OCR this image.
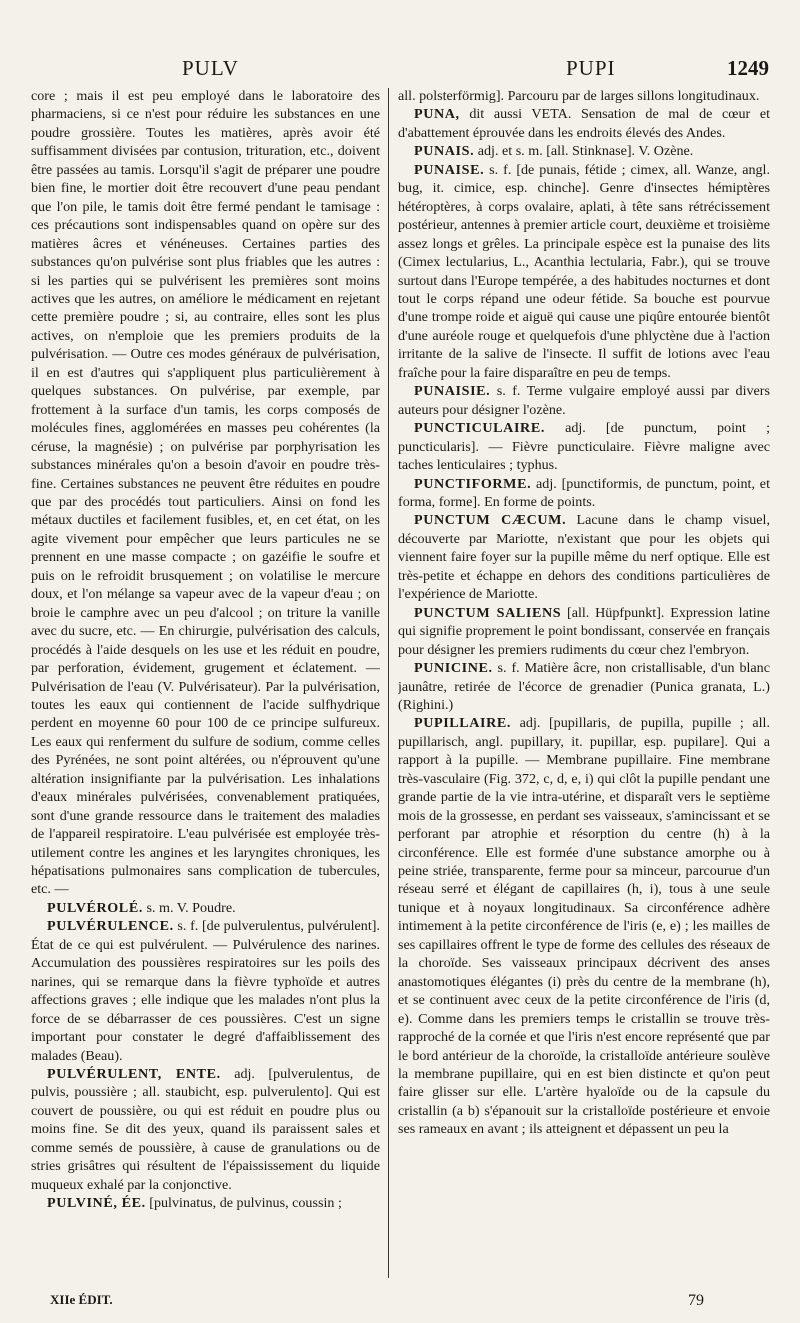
PULV	PUPI	1249

core ; mais il est peu employé dans le laboratoire des pharmaciens, si ce n'est pour réduire les substances en une poudre grossière. Toutes les matières, après avoir été suffisamment divisées par contusion, trituration, etc., doivent être passées au tamis. Lorsqu'il s'agit de préparer une poudre bien fine, le mortier doit être recouvert d'une peau pendant que l'on pile, le tamis doit être fermé pendant le tamisage : ces précautions sont indispensables quand on opère sur des matières âcres et vénéneuses. Certaines parties des substances qu'on pulvérise sont plus friables que les autres : si les parties qui se pulvérisent les premières sont moins actives que les autres, on améliore le médicament en rejetant cette première poudre ; si, au contraire, elles sont les plus actives, on n'emploie que les premiers produits de la pulvérisation. — Outre ces modes généraux de pulvérisation, il en est d'autres qui s'appliquent plus particulièrement à quelques substances. On pulvérise, par exemple, par frottement à la surface d'un tamis, les corps composés de molécules fines, agglomérées en masses peu cohérentes (la céruse, la magnésie) ; on pulvérise par porphyrisation les substances minérales qu'on a besoin d'avoir en poudre très-fine. Certaines substances ne peuvent être réduites en poudre que par des procédés tout particuliers. Ainsi on fond les métaux ductiles et facilement fusibles, et, en cet état, on les agite vivement pour empêcher que leurs particules ne se prennent en une masse compacte ; on gazéifie le soufre et puis on le refroidit brusquement ; on volatilise le mercure doux, et l'on mélange sa vapeur avec de la vapeur d'eau ; on broie le camphre avec un peu d'alcool ; on triture la vanille avec du sucre, etc. — En chirurgie, pulvérisation des calculs, procédés à l'aide desquels on les use et les réduit en poudre, par perforation, évidement, grugement et éclatement. — Pulvérisation de l'eau (V. Pulvérisateur). Par la pulvérisation, toutes les eaux qui contiennent de l'acide sulfhydrique perdent en moyenne 60 pour 100 de ce principe sulfureux. Les eaux qui renferment du sulfure de sodium, comme celles des Pyrénées, ne sont point altérées, ou n'éprouvent qu'une altération insignifiante par la pulvérisation. Les inhalations d'eaux minérales pulvérisées, convenablement pratiquées, sont d'une grande ressource dans le traitement des maladies de l'appareil respiratoire. L'eau pulvérisée est employée très-utilement contre les angines et les laryngites chroniques, les hépatisations pulmonaires sans complication de tubercules, etc. —

PULVÉROLÉ. s. m. V. Poudre.

PULVÉRULENCE. s. f. [de pulverulentus, pulvérulent]. État de ce qui est pulvérulent. — Pulvérulence des narines. Accumulation des poussières respiratoires sur les poils des narines, qui se remarque dans la fièvre typhoïde et autres affections graves ; elle indique que les malades n'ont plus la force de se débarrasser de ces poussières. C'est un signe important pour constater le degré d'affaiblissement des malades (Beau).

PULVÉRULENT, ENTE. adj. [pulverulentus, de pulvis, poussière ; all. staubicht, esp. pulverulento]. Qui est couvert de poussière, ou qui est réduit en poudre plus ou moins fine. Se dit des yeux, quand ils paraissent sales et comme semés de poussière, à cause de granulations ou de stries grisâtres qui résultent de l'épaississement du liquide muqueux exhalé par la conjonctive.

PULVINÉ, ÉE. [pulvinatus, de pulvinus, coussin ;

all. polsterförmig]. Parcouru par de larges sillons longitudinaux.

PUNA, dit aussi VETA. Sensation de mal de cœur et d'abattement éprouvée dans les endroits élevés des Andes.

PUNAIS. adj. et s. m. [all. Stinknase]. V. Ozène.

PUNAISE. s. f. [de punais, fétide ; cimex, all. Wanze, angl. bug, it. cimice, esp. chinche]. Genre d'insectes hémiptères hétéroptères, à corps ovalaire, aplati, à tête sans rétrécissement postérieur, antennes à premier article court, deuxième et troisième assez longs et grêles. La principale espèce est la punaise des lits (Cimex lectularius, L., Acanthia lectularia, Fabr.), qui se trouve surtout dans l'Europe tempérée, a des habitudes nocturnes et dont tout le corps répand une odeur fétide. Sa bouche est pourvue d'une trompe roide et aiguë qui cause une piqûre entourée bientôt d'une auréole rouge et quelquefois d'une phlyctène due à l'action irritante de la salive de l'insecte. Il suffit de lotions avec l'eau fraîche pour la faire disparaître en peu de temps.

PUNAISIE. s. f. Terme vulgaire employé aussi par divers auteurs pour désigner l'ozène.

PUNCTICULAIRE. adj. [de punctum, point ; puncticularis]. — Fièvre puncticulaire. Fièvre maligne avec taches lenticulaires ; typhus.

PUNCTIFORME. adj. [punctiformis, de punctum, point, et forma, forme]. En forme de points.

PUNCTUM CÆCUM. Lacune dans le champ visuel, découverte par Mariotte, n'existant que pour les objets qui viennent faire foyer sur la pupille même du nerf optique. Elle est très-petite et échappe en dehors des conditions particulières de l'expérience de Mariotte.

PUNCTUM SALIENS [all. Hüpfpunkt]. Expression latine qui signifie proprement le point bondissant, conservée en français pour désigner les premiers rudiments du cœur chez l'embryon.

PUNICINE. s. f. Matière âcre, non cristallisable, d'un blanc jaunâtre, retirée de l'écorce de grenadier (Punica granata, L.) (Righini.)

PUPILLAIRE. adj. [pupillaris, de pupilla, pupille ; all. pupillarisch, angl. pupillary, it. pupillar, esp. pupilare]. Qui a rapport à la pupille. — Membrane pupillaire. Fine membrane très-vasculaire (Fig. 372, c, d, e, i) qui clôt la pupille pendant une grande partie de la vie intra-utérine, et disparaît vers le septième mois de la grossesse, en perdant ses vaisseaux, s'amincissant et se perforant par atrophie et résorption du centre (h) à la circonférence. Elle est formée d'une substance amorphe ou à peine striée, transparente, ferme pour sa minceur, parcourue d'un réseau serré et élégant de capillaires (h, i), tous à une seule tunique et à noyaux longitudinaux. Sa circonférence adhère intimement à la petite circonférence de l'iris (e, e) ; les mailles de ses capillaires offrent le type de forme des cellules des réseaux de la choroïde. Ses vaisseaux principaux décrivent des anses anastomotiques élégantes (i) près du centre de la membrane (h), et se continuent avec ceux de la petite circonférence de l'iris (d, e). Comme dans les premiers temps le cristallin se trouve très-rapproché de la cornée et que l'iris n'est encore représenté que par le bord antérieur de la choroïde, la cristalloïde antérieure soulève la membrane pupillaire, qui en est bien distincte et qu'on peut faire glisser sur elle. L'artère hyaloïde ou de la capsule du cristallin (a b) s'épanouit sur la cristalloïde postérieure et envoie ses rameaux en avant ; ils atteignent et dépassent un peu la

XIIe ÉDIT.	79
